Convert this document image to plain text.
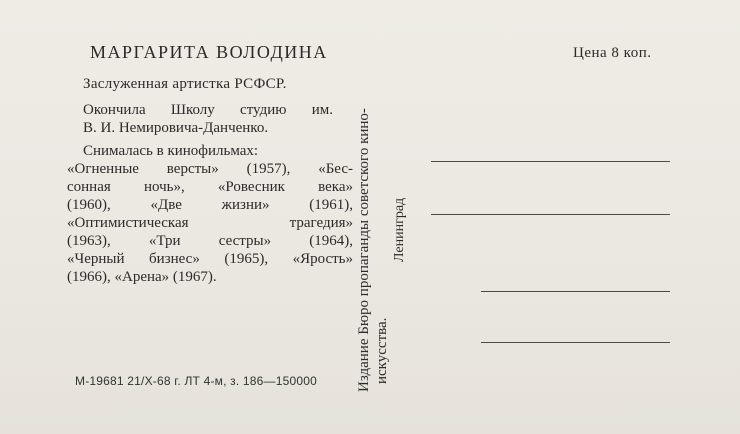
МАРГАРИТА ВОЛОДИНА
Заслуженная артистка РСФСР.
Окончила Школу студию им.
В. И. Немировича-Данченко.
Снималась в кинофильмах:
«Огненные версты» (1957), «Бес-
сонная ночь», «Ровесник века»
(1960), «Две жизни» (1961),
«Оптимистическая трагедия»
(1963), «Три сестры» (1964),
«Черный бизнес» (1965), «Ярость»
(1966), «Арена» (1967).
М-19681 21/X-68 г. ЛТ 4-м, з. 186—150000	Издание Бюро пропаганды советского кино- искусства.
Ленинград
Цена 8 коп.
